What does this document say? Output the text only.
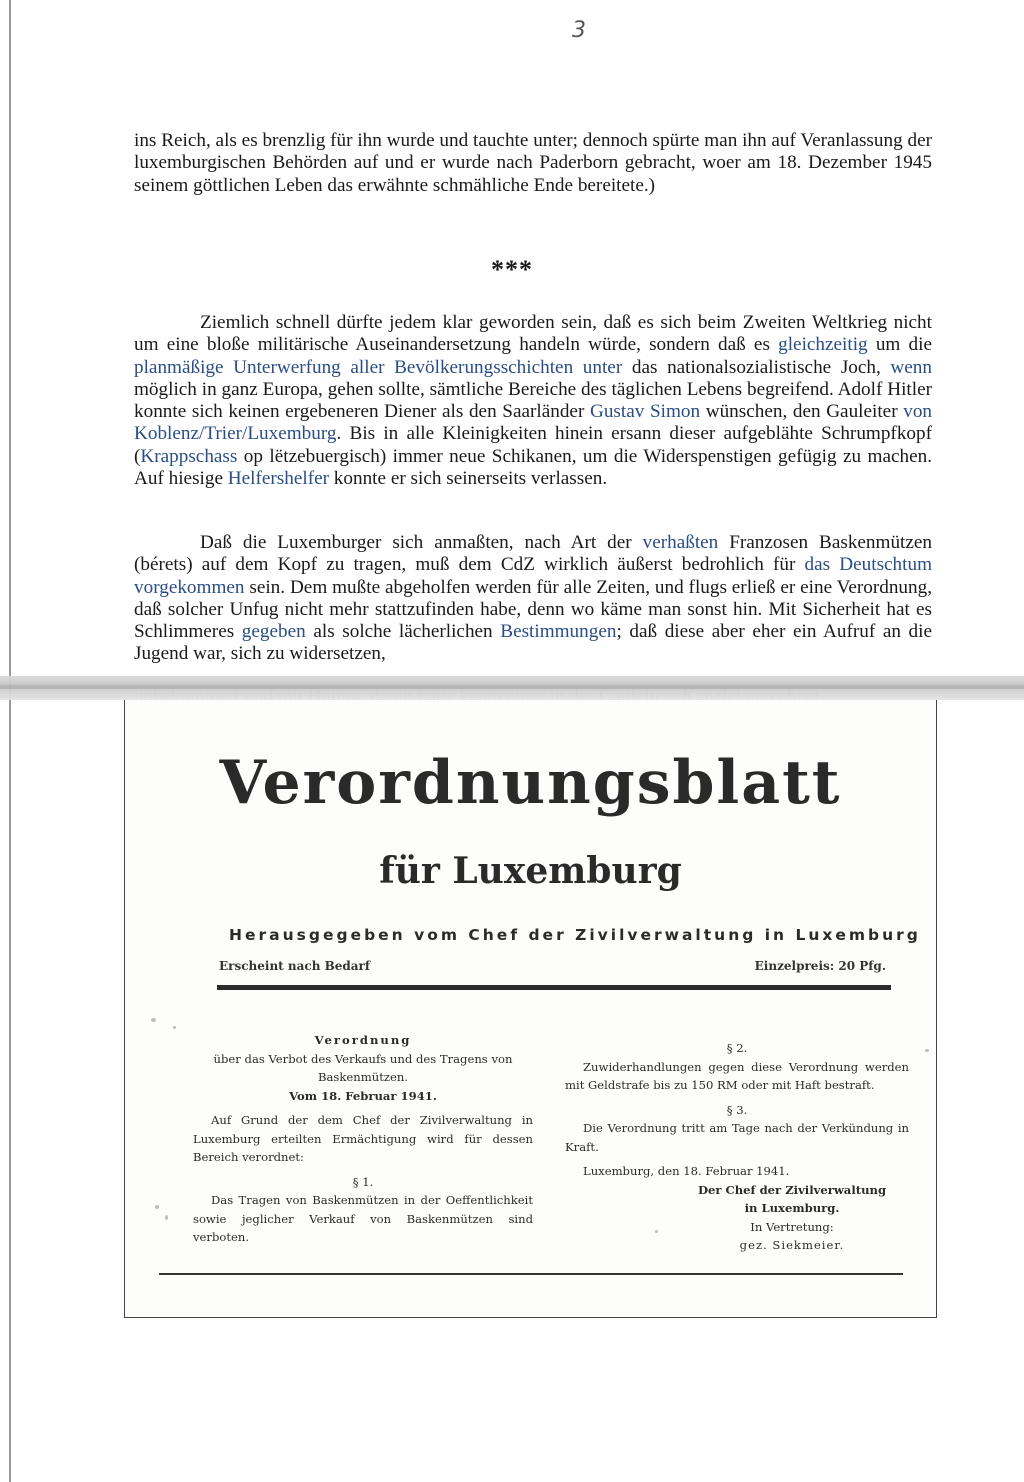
3

ins Reich, als es brenzlig für ihn wurde und tauchte unter; dennoch spürte man ihn auf Veranlassung der luxemburgischen Behörden auf und er wurde nach Paderborn gebracht, woer am 18. Dezember 1945 seinem göttlichen Leben das erwähnte schmähliche Ende bereitete.)

***

Ziemlich schnell dürfte jedem klar geworden sein, daß es sich beim Zweiten Weltkrieg nicht um eine bloße militärische Auseinandersetzung handeln würde, sondern daß es gleichzeitig um die planmäßige Unterwerfung aller Bevölkerungsschichten unter das nationalsozialistische Joch, wenn möglich in ganz Europa, gehen sollte, sämtliche Bereiche des täglichen Lebens begreifend. Adolf Hitler konnte sich keinen ergebeneren Diener als den Saarländer Gustav Simon wünschen, den Gauleiter von Koblenz/Trier/Luxemburg. Bis in alle Kleinigkeiten hinein ersann dieser aufgeblähte Schrumpfkopf (Krappschass op lëtzebuergisch) immer neue Schikanen, um die Widerspenstigen gefügig zu machen. Auf hiesige Helfershelfer konnte er sich seinerseits verlassen.

Daß die Luxemburger sich anmaßten, nach Art der verhaßten Franzosen Baskenmützen (bérets) auf dem Kopf zu tragen, muß dem CdZ wirklich äußerst bedrohlich für das Deutschtum vorgekommen sein. Dem mußte abgeholfen werden für alle Zeiten, und flugs erließ er eine Verordnung, daß solcher Unfug nicht mehr stattzufinden habe, denn wo käme man sonst hin. Mit Sicherheit hat es Schlimmeres gegeben als solche lächerlichen Bestimmungen; daß diese aber eher ein Aufruf an die Jugend war, sich zu widersetzen,

Verordnungsblatt
für Luxemburg
Herausgegeben vom Chef der Zivilverwaltung in Luxemburg
Erscheint nach Bedarf	Einzelpreis: 20 Pfg.

Verordnung

über das Verbot des Verkaufs und des Tragens von

Baskenmützen.

Vom 18. Februar 1941.

Auf Grund der dem Chef der Zivilverwaltung in Luxemburg erteilten Ermächtigung wird für dessen Bereich verordnet:

§ 1.

Das Tragen von Baskenmützen in der Oeffentlichkeit sowie jeglicher Verkauf von Baskenmützen sind verboten.

§ 2.

Zuwiderhandlungen gegen diese Verordnung werden mit Geldstrafe bis zu 150 RM oder mit Haft bestraft.

§ 3.

Die Verordnung tritt am Tage nach der Verkündung in Kraft.

Luxemburg, den 18. Februar 1941.

Der Chef der Zivilverwaltung

in Luxemburg.

In Vertretung:

gez. Siekmeier.
